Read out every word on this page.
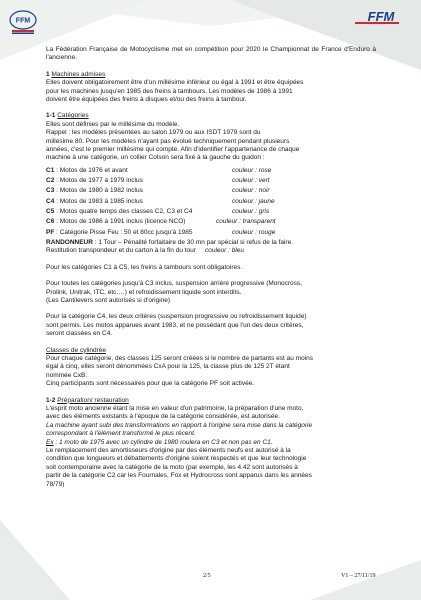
FFM	FFM

La Fédération Française de Motocyclisme met en compétition pour 2020 le Championnat de France d'Enduro à l'ancienne.

1 Machines admises

Elles doivent obligatoirement être d'un millésime inférieur ou égal à 1991 et être équipées

pour les machines jusqu'en 1985 des freins à tambours. Les modèles de 1986 à 1991

doivent être équipées des freins à disques et/ou des freins à tambour.

1-1 Catégories

Elles sont définies par le millésime du modèle.

Rappel : les modèles présentées au salon 1979 ou aux ISDT 1979 sont du

millésime 80. Pour les modèles n'ayant pas évolué techniquement pendant plusieurs

années, c'est le premier millésime qui compte. Afin d'identifier l'appartenance de chaque

machine à une catégorie, un collier Colson sera fixé à la gauche du guidon :

C1 : Motos de 1976 et avant	couleur : rose
C2 : Motos de 1977 à 1979 inclus	couleur : vert
C3 : Motos de 1980 à 1982 inclus	couleur : noir
C4 : Motos de 1983 à 1985 inclus	couleur : jaune
C5 : Motos quatre temps des classes C2, C3 et C4	couleur : gris
C6 : Motos de 1986 à 1991 inclus (licence NCO)	couleur : transparent
PF : Catégorie Pisse Feu : 50 et 80cc jusqu'à 1985	couleur : rouge

RANDONNEUR : 1 Tour – Pénalité forfaitaire de 30 mn par spécial si refus de la faire.

Restitution transpondeur et du carton à la fin du tour couleur : bleu

Pour les catégories C1 à C5, les freins à tambours sont obligatoires.

Pour toutes les catégories jusqu'à C3 inclus, suspension arrière progressive (Monocross,

Prolink, Unitrak, ITC, etc….) et refroidissement liquide sont interdits.

(Les Cantilevers sont autorisés si d'origine)

Pour la catégorie C4, les deux critères (suspension progressive ou refroidissement liquide)

sont permis. Les motos apparues avant 1983, et ne possédant que l'un des deux critères,

seront classées en C4.

Classes de cylindrée

Pour chaque catégorie, des classes 125 seront créées si le nombre de partants est au moins

égal à cinq, elles seront dénommées CxA pour la 125, la classe plus de 125 2T étant

nommée CxB.

Cinq participants sont nécessaires pour que la catégorie PF soit activée.

1-2 Préparation/ restauration

L'esprit moto ancienne étant la mise en valeur d'un patrimoine, la préparation d'une moto,

avec des éléments existants à l'époque de la catégorie considérée, est autorisée.

La machine ayant subi des transformations en rapport à l'origine sera mise dans la catégorie

correspondant à l'élément transformé le plus récent.

Ex : 1 moto de 1975 avec un cylindre de 1980 roulera en C3 et non pas en C1.

Le remplacement des amortisseurs d'origine par des éléments neufs est autorisé à la

condition que longueurs et débattements d'origine soient respectés et que leur technologie

soit contemporaine avec la catégorie de la moto (par exemple, les 4.42 sont autorisés à

partir de la catégorie C2 car les Fournales, Fox et Hydrocross sont apparus dans les années

78/79)

2/5	V1 – 27/11/19
